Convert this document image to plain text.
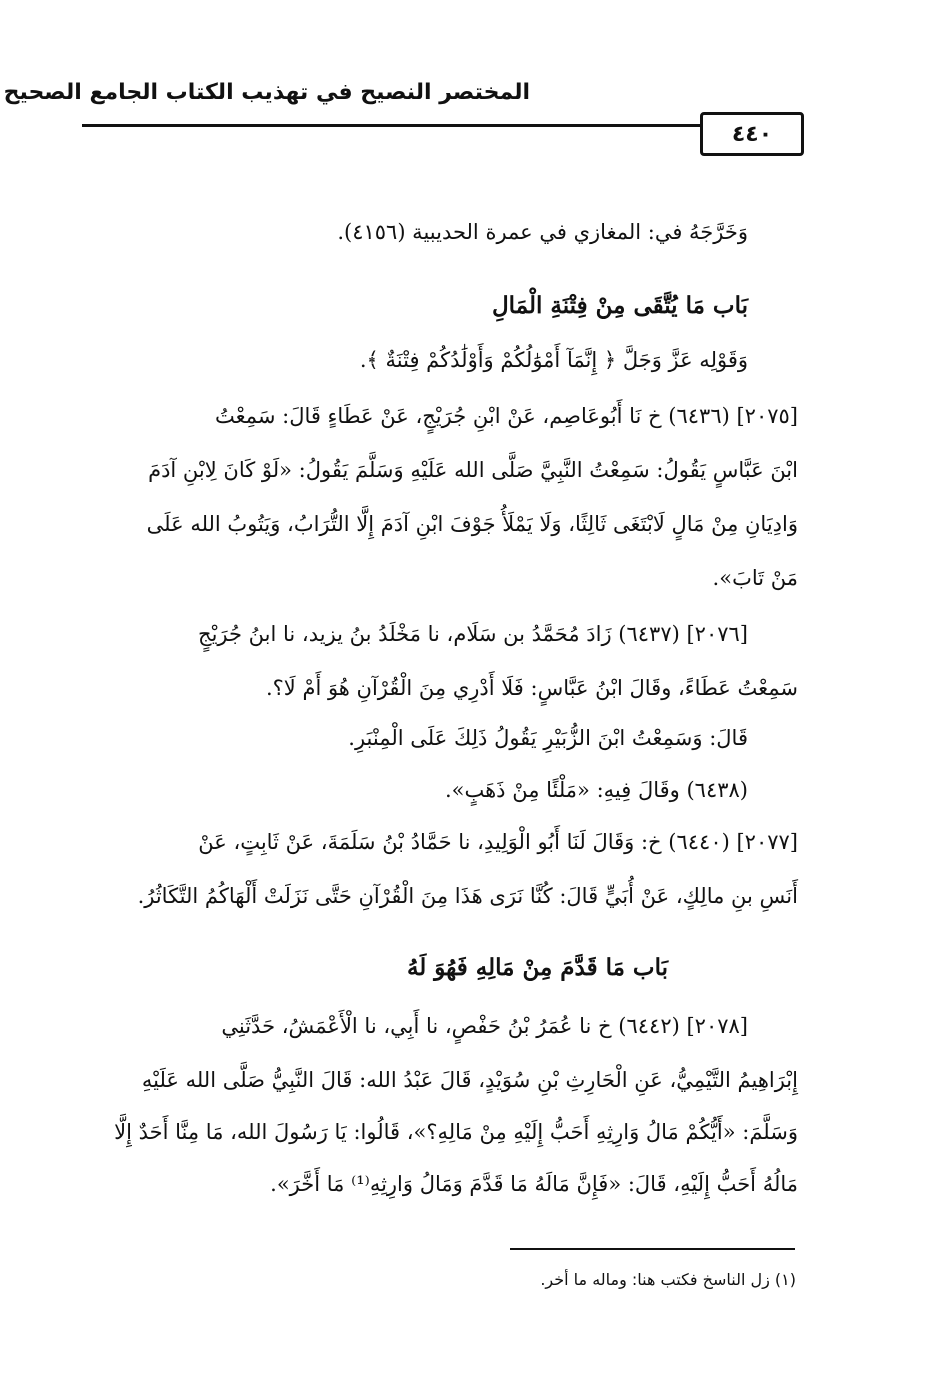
المختصر النصيح في تهذيب الكتاب الجامع الصحيح
٤٤٠
وَخَرَّجَهُ في: المغازي في عمرة الحديبية (٤١٥٦).
بَاب مَا يُتَّقَى مِنْ فِتْنَةِ الْمَالِ
وَقَوْلِه عَزَّ وَجَلَّ ﴿ إِنَّمَآ أَمْوَٰلُكُمْ وَأَوْلَٰدُكُمْ فِتْنَةٌ ﴾.
[٢٠٧٥] (٦٤٣٦) خ نَا أَبُوعَاصِم، عَنْ ابْنِ جُرَيْجٍ، عَنْ عَطَاءٍ قَالَ: سَمِعْتُ
ابْنَ عَبَّاسٍ يَقُولُ: سَمِعْتُ النَّبِيَّ صَلَّى الله عَلَيْهِ وَسَلَّمَ يَقُولُ: «لَوْ كَانَ لِابْنِ آدَمَ
وَادِيَانِ مِنْ مَالٍ لَابْتَغَى ثَالِثًا، وَلَا يَمْلَأُ جَوْفَ ابْنِ آدَمَ إِلَّا التُّرَابُ، وَيَتُوبُ الله عَلَى
مَنْ تَابَ».
[٢٠٧٦] (٦٤٣٧) زَادَ مُحَمَّدُ بن سَلَام، نا مَخْلَدُ بنُ يزيد، نا ابنُ جُرَيْجٍ
سَمِعْتُ عَطَاءً، وقَالَ ابْنُ عَبَّاسٍ: فَلَا أَدْرِي مِنَ الْقُرْآنِ هُوَ أَمْ لَا؟.
قَالَ: وَسَمِعْتُ ابْنَ الزُّبَيْرِ يَقُولُ ذَلِكَ عَلَى الْمِنْبَرِ.
(٦٤٣٨) وقَالَ فِيهِ: «مَلْئًا مِنْ ذَهَبٍ».
[٢٠٧٧] (٦٤٤٠) خ: وَقَالَ لَنَا أَبُو الْوَلِيدِ، نا حَمَّادُ بْنُ سَلَمَةَ، عَنْ ثَابِتٍ، عَنْ
أَنَسِ بنِ مالِكٍ، عَنْ أُبَيٍّ قَالَ: كُنَّا نَرَى هَذَا مِنَ الْقُرْآنِ حَتَّى نَزَلَتْ أَلْهَاكُمُ التَّكَاثُرُ.
بَاب مَا قَدَّمَ مِنْ مَالِهِ فَهُوَ لَهُ
[٢٠٧٨] (٦٤٤٢) خ نا عُمَرُ بْنُ حَفْصٍ، نا أَبِي، نا الْأَعْمَشُ، حَدَّثَنِي
إِبْرَاهِيمُ التَّيْمِيُّ، عَنِ الْحَارِثِ بْنِ سُوَيْدٍ، قَالَ عَبْدُ الله: قَالَ النَّبِيُّ صَلَّى الله عَلَيْهِ
وَسَلَّمَ: «أَيُّكُمْ مَالُ وَارِثِهِ أَحَبُّ إِلَيْهِ مِنْ مَالِهِ؟»، قَالُوا: يَا رَسُولَ الله، مَا مِنَّا أَحَدٌ إِلَّا
مَالُهُ أَحَبُّ إِلَيْهِ، قَالَ: «فَإِنَّ مَالَهُ مَا قَدَّمَ وَمَالُ وَارِثِهِ⁽¹⁾ مَا أَخَّرَ».
(١) زل الناسخ فكتب هنا: وماله ما أخر.
